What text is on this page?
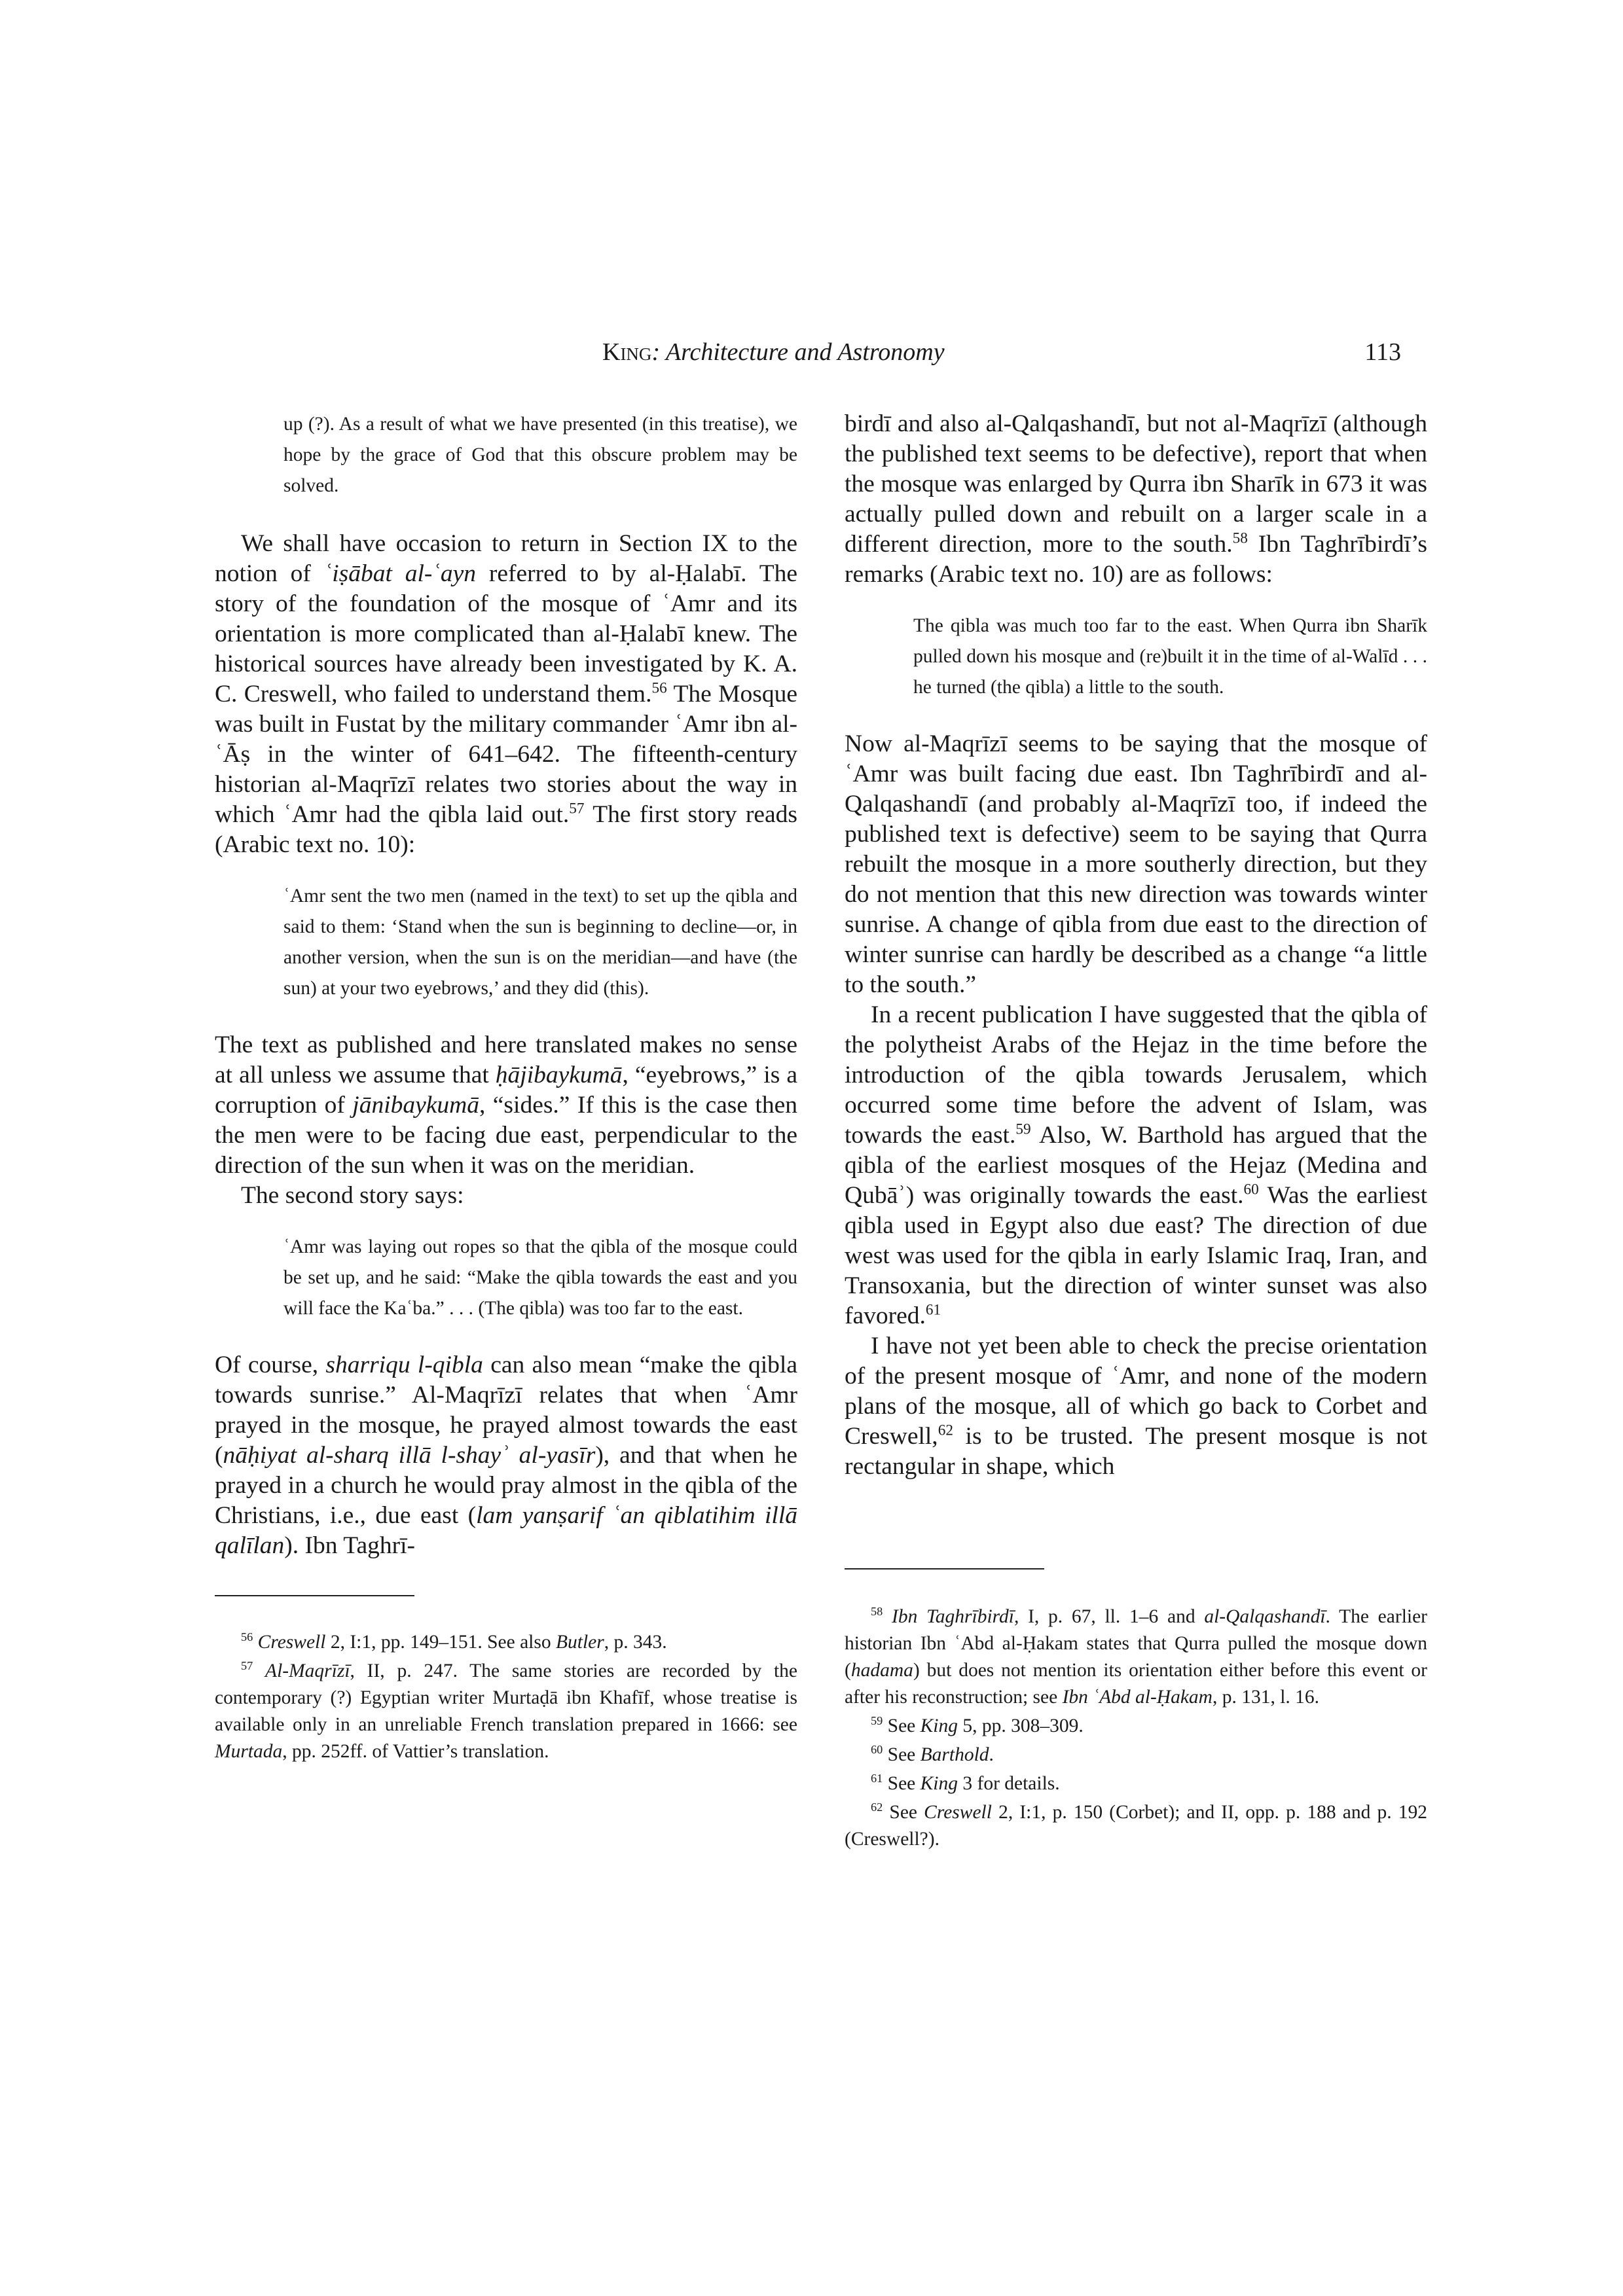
King: Architecture and Astronomy	113

up (?). As a result of what we have presented (in this treatise), we hope by the grace of God that this obscure problem may be solved.

We shall have occasion to return in Section IX to the notion of ʿiṣābat al-ʿayn referred to by al-Ḥalabī. The story of the foundation of the mosque of ʿAmr and its orientation is more complicated than al-Ḥalabī knew. The historical sources have already been investigated by K. A. C. Creswell, who failed to understand them.$^{56}$ The Mosque was built in Fustat by the military commander ʿAmr ibn al-ʿĀṣ in the winter of 641–642. The fifteenth-century historian al-Maqrīzī relates two stories about the way in which ʿAmr had the qibla laid out.$^{57}$ The first story reads (Arabic text no. 10):

ʿAmr sent the two men (named in the text) to set up the qibla and said to them: ‘Stand when the sun is beginning to decline—or, in another version, when the sun is on the meridian—and have (the sun) at your two eyebrows,’ and they did (this).

The text as published and here translated makes no sense at all unless we assume that ḥājibaykumā, “eyebrows,” is a corruption of jānibaykumā, “sides.” If this is the case then the men were to be facing due east, perpendicular to the direction of the sun when it was on the meridian.

The second story says:

ʿAmr was laying out ropes so that the qibla of the mosque could be set up, and he said: “Make the qibla towards the east and you will face the Kaʿba.” . . . (The qibla) was too far to the east.

Of course, sharriqu l-qibla can also mean “make the qibla towards sunrise.” Al-Maqrīzī relates that when ʿAmr prayed in the mosque, he prayed almost towards the east (nāḥiyat al-sharq illā l-shayʾ al-yasīr), and that when he prayed in a church he would pray almost in the qibla of the Christians, i.e., due east (lam yanṣarif ʿan qiblatihim illā qalīlan). Ibn Taghrī-

$^{56}$ Creswell 2, I:1, pp. 149–151. See also Butler, p. 343.

$^{57}$ Al-Maqrīzī, II, p. 247. The same stories are recorded by the contemporary (?) Egyptian writer Murtaḍā ibn Khafīf, whose treatise is available only in an unreliable French translation prepared in 1666: see Murtada, pp. 252ff. of Vattier’s translation.

birdī and also al-Qalqashandī, but not al-Maqrīzī (although the published text seems to be defective), report that when the mosque was enlarged by Qurra ibn Sharīk in 673 it was actually pulled down and rebuilt on a larger scale in a different direction, more to the south.$^{58}$ Ibn Taghrībirdī’s remarks (Arabic text no. 10) are as follows:

The qibla was much too far to the east. When Qurra ibn Sharīk pulled down his mosque and (re)built it in the time of al-Walīd . . . he turned (the qibla) a little to the south.

Now al-Maqrīzī seems to be saying that the mosque of ʿAmr was built facing due east. Ibn Taghrībirdī and al-Qalqashandī (and probably al-Maqrīzī too, if indeed the published text is defective) seem to be saying that Qurra rebuilt the mosque in a more southerly direction, but they do not mention that this new direction was towards winter sunrise. A change of qibla from due east to the direction of winter sunrise can hardly be described as a change “a little to the south.”

In a recent publication I have suggested that the qibla of the polytheist Arabs of the Hejaz in the time before the introduction of the qibla towards Jerusalem, which occurred some time before the advent of Islam, was towards the east.$^{59}$ Also, W. Barthold has argued that the qibla of the earliest mosques of the Hejaz (Medina and Qubāʾ) was originally towards the east.$^{60}$ Was the earliest qibla used in Egypt also due east? The direction of due west was used for the qibla in early Islamic Iraq, Iran, and Transoxania, but the direction of winter sunset was also favored.$^{61}$

I have not yet been able to check the precise orientation of the present mosque of ʿAmr, and none of the modern plans of the mosque, all of which go back to Corbet and Creswell,$^{62}$ is to be trusted. The present mosque is not rectangular in shape, which

$^{58}$ Ibn Taghrībirdī, I, p. 67, ll. 1–6 and al-Qalqashandī. The earlier historian Ibn ʿAbd al-Ḥakam states that Qurra pulled the mosque down (hadama) but does not mention its orientation either before this event or after his reconstruction; see Ibn ʿAbd al-Ḥakam, p. 131, l. 16.

$^{59}$ See King 5, pp. 308–309.

$^{60}$ See Barthold.

$^{61}$ See King 3 for details.

$^{62}$ See Creswell 2, I:1, p. 150 (Corbet); and II, opp. p. 188 and p. 192 (Creswell?).
